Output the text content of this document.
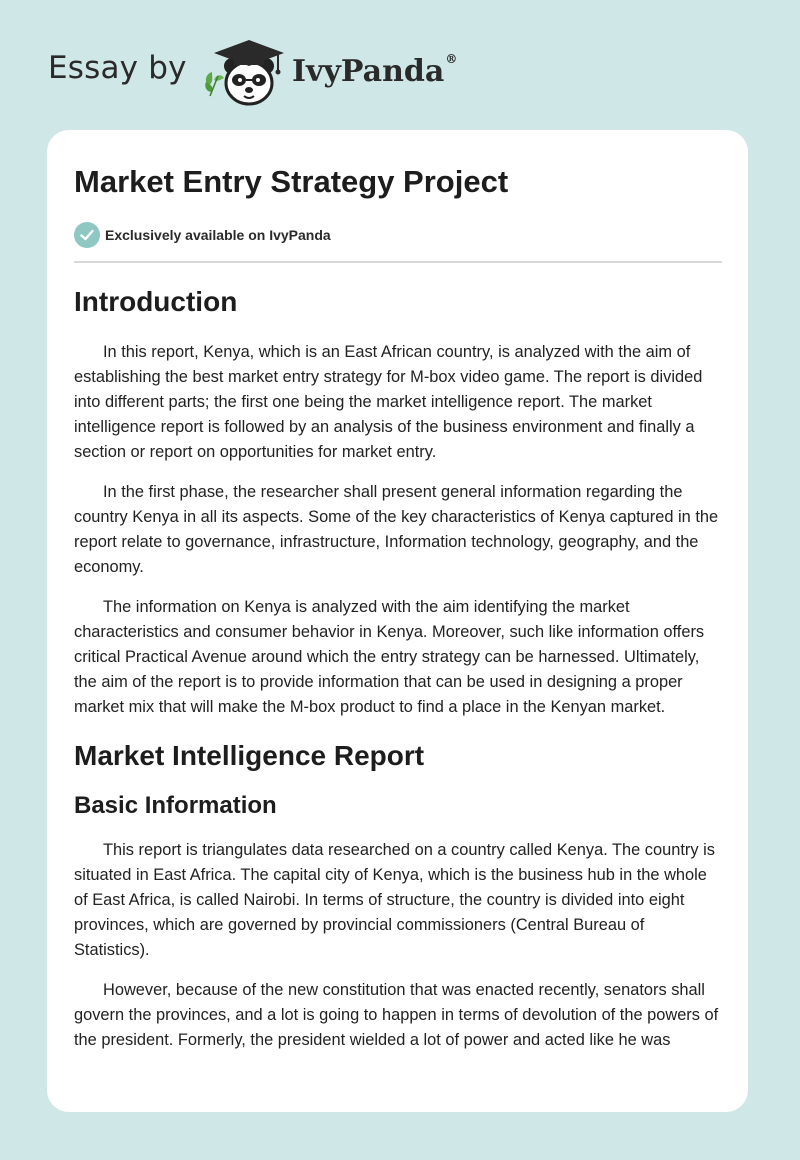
Essay by	IvyPanda®
Market Entry Strategy Project
Exclusively available on IvyPanda
Introduction

In this report, Kenya, which is an East African country, is analyzed with the aim of establishing the best market entry strategy for M-box video game. The report is divided into different parts; the first one being the market intelligence report. The market intelligence report is followed by an analysis of the business environment and finally a section or report on opportunities for market entry.

In the first phase, the researcher shall present general information regarding the country Kenya in all its aspects. Some of the key characteristics of Kenya captured in the report relate to governance, infrastructure, Information technology, geography, and the economy.

The information on Kenya is analyzed with the aim identifying the market characteristics and consumer behavior in Kenya. Moreover, such like information offers critical Practical Avenue around which the entry strategy can be harnessed. Ultimately, the aim of the report is to provide information that can be used in designing a proper market mix that will make the M-box product to find a place in the Kenyan market.

Market Intelligence Report
Basic Information

This report is triangulates data researched on a country called Kenya. The country is situated in East Africa. The capital city of Kenya, which is the business hub in the whole of East Africa, is called Nairobi. In terms of structure, the country is divided into eight provinces, which are governed by provincial commissioners (Central Bureau of Statistics).

However, because of the new constitution that was enacted recently, senators shall govern the provinces, and a lot is going to happen in terms of devolution of the powers of the president. Formerly, the president wielded a lot of power and acted like he was
